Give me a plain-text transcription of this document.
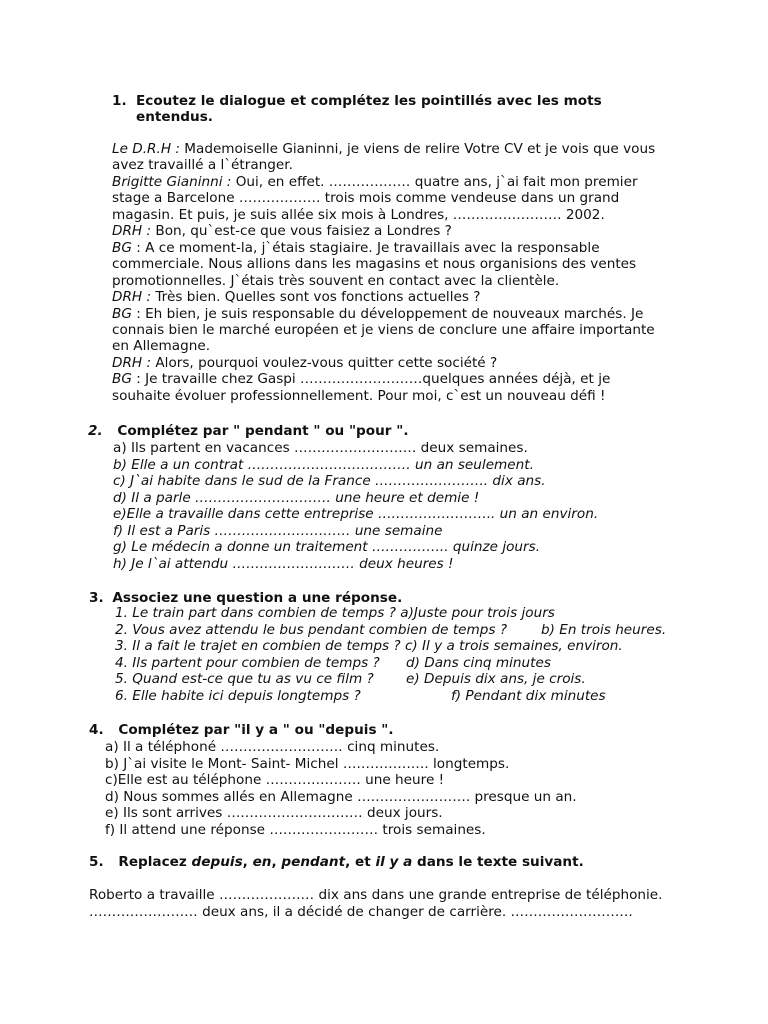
1. Ecoutez le dialogue et complétez les pointillés avec les mots
entendus.
Le D.R.H : Mademoiselle Gianinni, je viens de relire Votre CV et je vois que vous
avez travaillé a l`étranger.
Brigitte Gianinni : Oui, en effet. ……………… quatre ans, j`ai fait mon premier
stage a Barcelone ……………… trois mois comme vendeuse dans un grand
magasin. Et puis, je suis allée six mois à Londres, …………………… 2002.
DRH : Bon, qu`est-ce que vous faisiez a Londres ?
BG : A ce moment-la, j`étais stagiaire. Je travaillais avec la responsable
commerciale. Nous allions dans les magasins et nous organisions des ventes
promotionnelles. J`étais très souvent en contact avec la clientèle.
DRH : Très bien. Quelles sont vos fonctions actuelles ?
BG : Eh bien, je suis responsable du développement de nouveaux marchés. Je
connais bien le marché européen et je viens de conclure une affaire importante
en Allemagne.
DRH : Alors, pourquoi voulez-vous quitter cette société ?
BG : Je travaille chez Gaspi ………………………quelques années déjà, et je
souhaite évoluer professionnellement. Pour moi, c`est un nouveau défi !
2. Complétez par " pendant " ou "pour ".
a) Ils partent en vacances ……………………… deux semaines.
b) Elle a un contrat ……………………………… un an seulement.
c) J`ai habite dans le sud de la France ……………………. dix ans.
d) Il a parle ………………………… une heure et demie !
e)Elle a travaille dans cette entreprise …………………….. un an environ.
f) Il est a Paris ………………………… une semaine
g) Le médecin a donne un traitement …………….. quinze jours.
h) Je l`ai attendu ……………………… deux heures !
3. Associez une question a une réponse.
1. Le train part dans combien de temps ? a)Juste pour trois jours
2. Vous avez attendu le bus pendant combien de temps ? b) En trois heures.
3. Il a fait le trajet en combien de temps ? c) Il y a trois semaines, environ.
4. Ils partent pour combien de temps ? d) Dans cinq minutes
5. Quand est-ce que tu as vu ce film ? e) Depuis dix ans, je crois.
6. Elle habite ici depuis longtemps ?	f) Pendant dix minutes
4. Complétez par "il y a " ou "depuis ".
a) Il a téléphoné ……………………… cinq minutes.
b) J`ai visite le Mont- Saint- Michel ………………. longtemps.
c)Elle est au téléphone ………………… une heure !
d) Nous sommes allés en Allemagne ……………………. presque un an.
e) Ils sont arrives ………………………… deux jours.
f) Il attend une réponse …………………… trois semaines.
5. Replacez depuis, en, pendant, et il y a dans le texte suivant.
Roberto a travaille ………………… dix ans dans une grande entreprise de téléphonie.
…………………… deux ans, il a décidé de changer de carrière. ………………………
